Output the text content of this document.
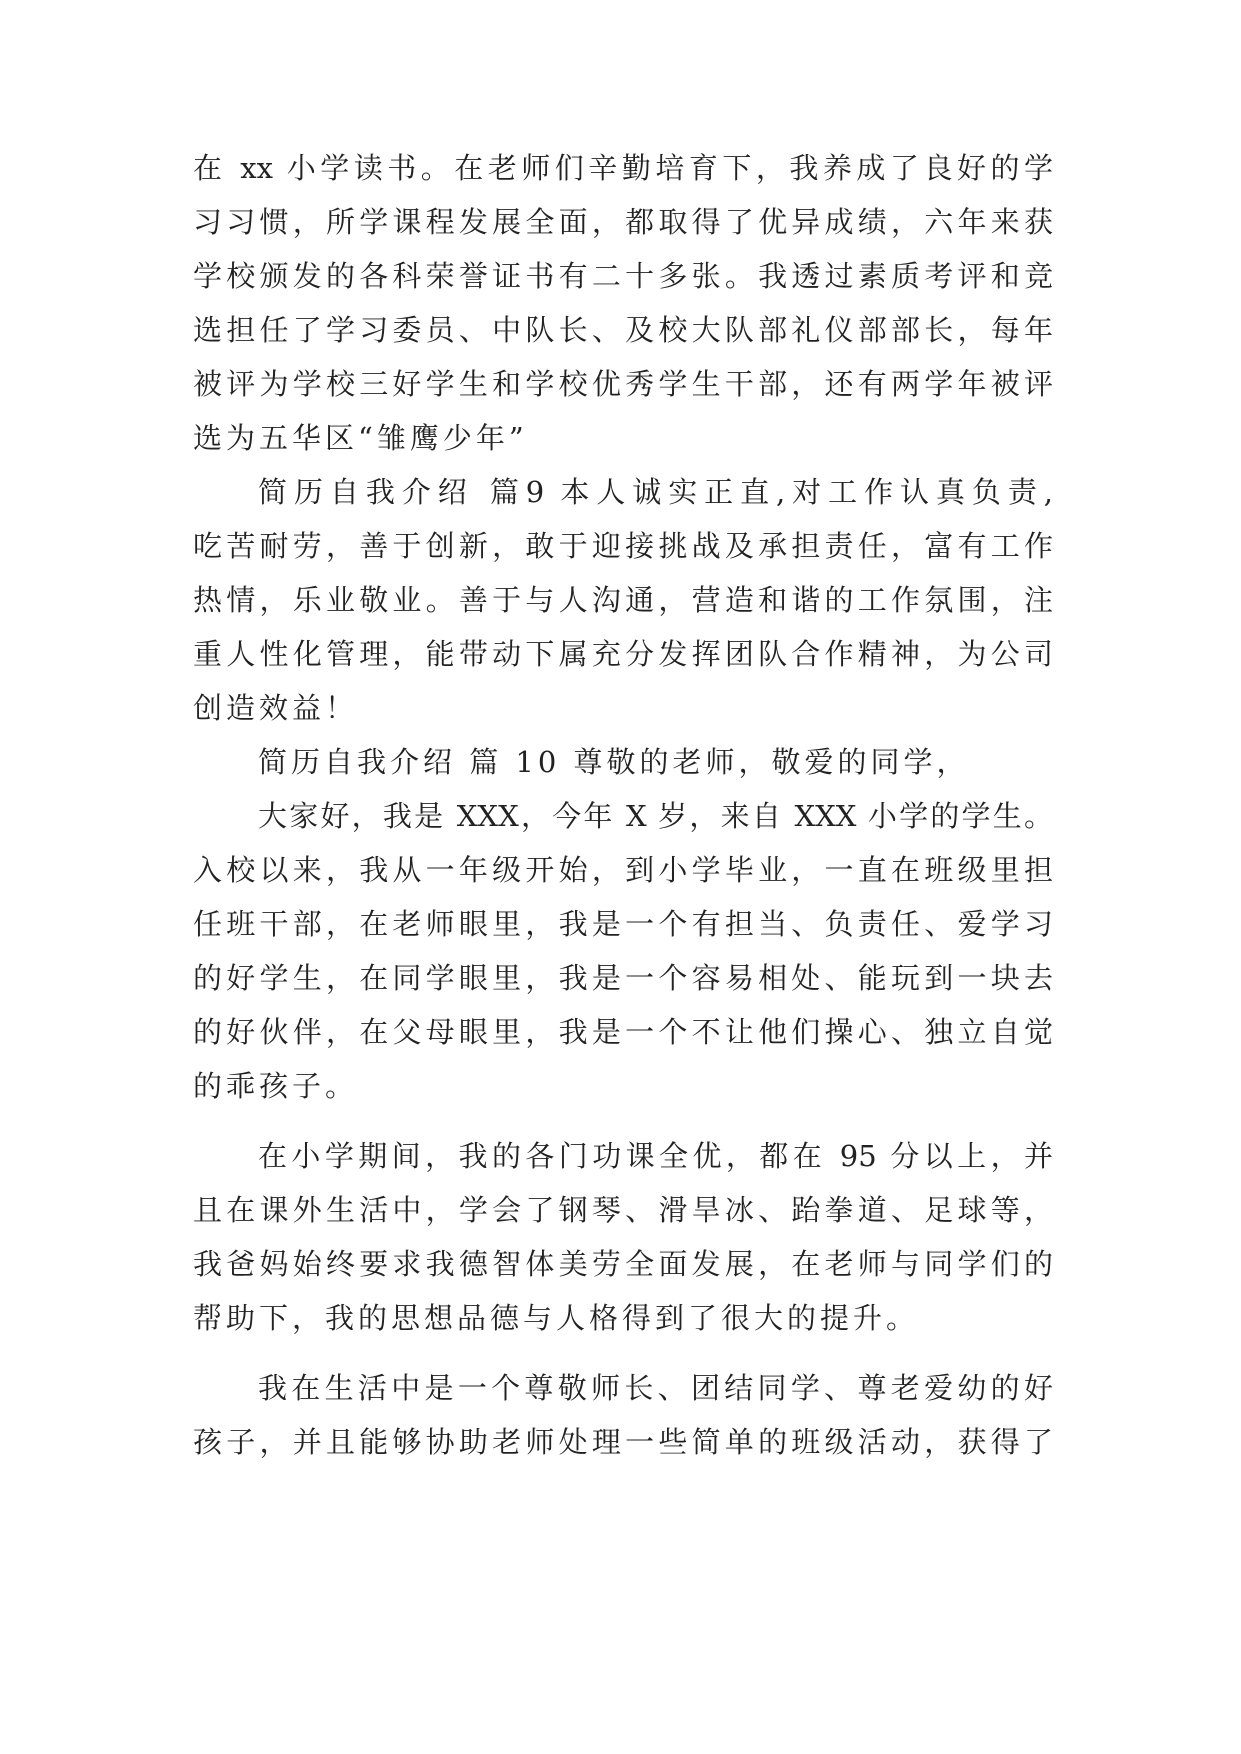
在 xx 小学读书。在老师们辛勤培育下，我养成了良好的学
习习惯，所学课程发展全面，都取得了优异成绩，六年来获
学校颁发的各科荣誉证书有二十多张。我透过素质考评和竞
选担任了学习委员、中队长、及校大队部礼仪部部长，每年
被评为学校三好学生和学校优秀学生干部，还有两学年被评
选为五华区“雏鹰少年”
简历自我介绍 篇9 本人诚实正直,对工作认真负责,
吃苦耐劳，善于创新，敢于迎接挑战及承担责任，富有工作
热情，乐业敬业。善于与人沟通，营造和谐的工作氛围，注
重人性化管理，能带动下属充分发挥团队合作精神，为公司
创造效益！
简历自我介绍 篇 10 尊敬的老师，敬爱的同学，
大家好，我是 XXX，今年 X 岁，来自 XXX 小学的学生。
入校以来，我从一年级开始，到小学毕业，一直在班级里担
任班干部，在老师眼里，我是一个有担当、负责任、爱学习
的好学生，在同学眼里，我是一个容易相处、能玩到一块去
的好伙伴，在父母眼里，我是一个不让他们操心、独立自觉
的乖孩子。
在小学期间，我的各门功课全优，都在 95 分以上，并
且在课外生活中，学会了钢琴、滑旱冰、跆拳道、足球等，
我爸妈始终要求我德智体美劳全面发展，在老师与同学们的
帮助下，我的思想品德与人格得到了很大的提升。
我在生活中是一个尊敬师长、团结同学、尊老爱幼的好
孩子，并且能够协助老师处理一些简单的班级活动，获得了
